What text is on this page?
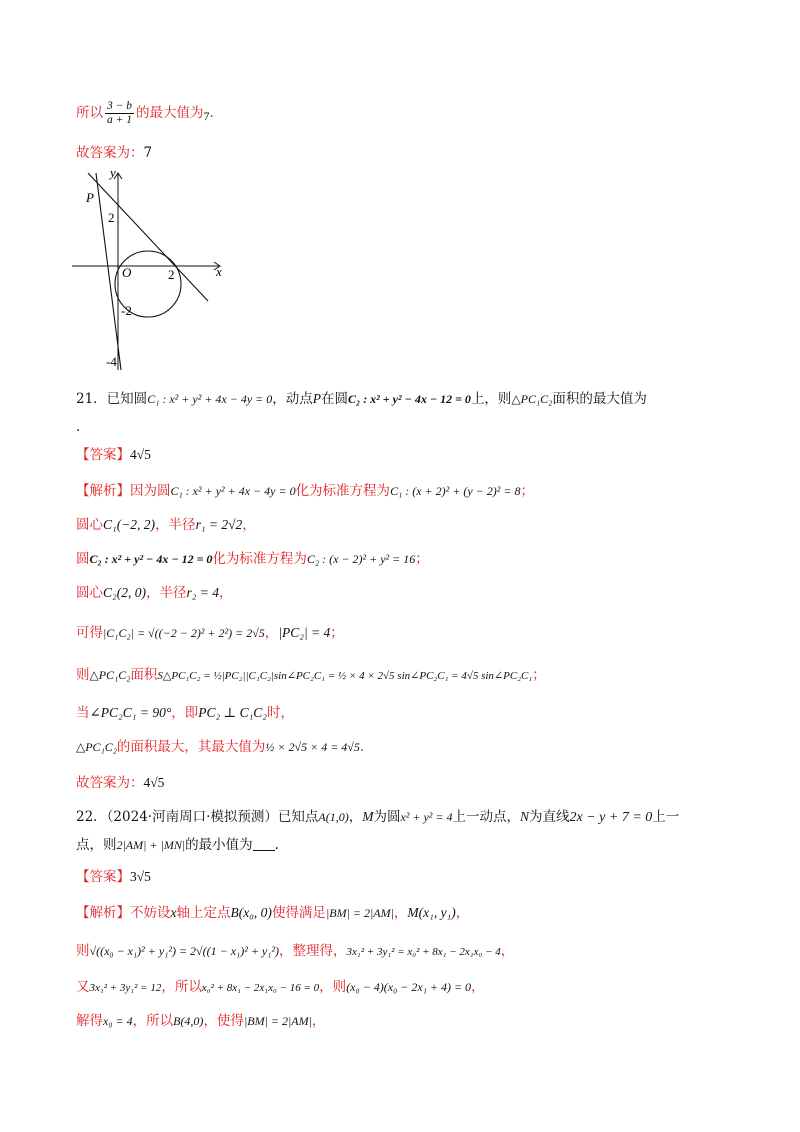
所以 $\frac{3 - b}{a + 1}$ 的最大值为7.
故答案为：7
y
x
O
P
2
2
-2
-4
21．已知圆C₁ : x² + y² + 4x − 4y = 0，动点P在圆C₂ : x² + y² − 4x − 12 = 0上，则△PC₁C₂面积的最大值为
.
【答案】4√5
【解析】因为圆C₁ : x² + y² + 4x − 4y = 0化为标准方程为C₁ : (x + 2)² + (y − 2)² = 8；
圆心C₁(−2, 2)，半径r₁ = 2√2，
圆C₂ : x² + y² − 4x − 12 = 0化为标准方程为C₂ : (x − 2)² + y² = 16；
圆心C₂(2, 0)，半径r₂ = 4，
可得|C₁C₂| = √((−2 − 2)² + 2²) = 2√5，|PC₂| = 4；
则△PC₁C₂面积S△PC₁C₂ = ½|PC₂||C₁C₂|sin∠PC₂C₁ = ½ × 4 × 2√5 sin∠PC₂C₁ = 4√5 sin∠PC₂C₁；
当∠PC₂C₁ = 90°，即PC₂ ⊥ C₁C₂时，
△PC₁C₂的面积最大，其最大值为½ × 2√5 × 4 = 4√5.
故答案为：4√5
22．（2024·河南周口·模拟预测）已知点A(1,0)，M为圆x² + y² = 4上一动点，N为直线2x − y + 7 = 0上一
点，则2|AM| + |MN|的最小值为 .
【答案】3√5
【解析】不妨设x轴上定点B(x₀, 0)使得满足|BM| = 2|AM|，M(x₁, y₁)，
则√((x₀ − x₁)² + y₁²) = 2√((1 − x₁)² + y₁²)，整理得，3x₁² + 3y₁² = x₀² + 8x₁ − 2x₁x₀ − 4，
又3x₁² + 3y₁² = 12，所以x₀² + 8x₁ − 2x₁x₀ − 16 = 0，则(x₀ − 4)(x₀ − 2x₁ + 4) = 0，
解得x₀ = 4，所以B(4,0)，使得|BM| = 2|AM|，
